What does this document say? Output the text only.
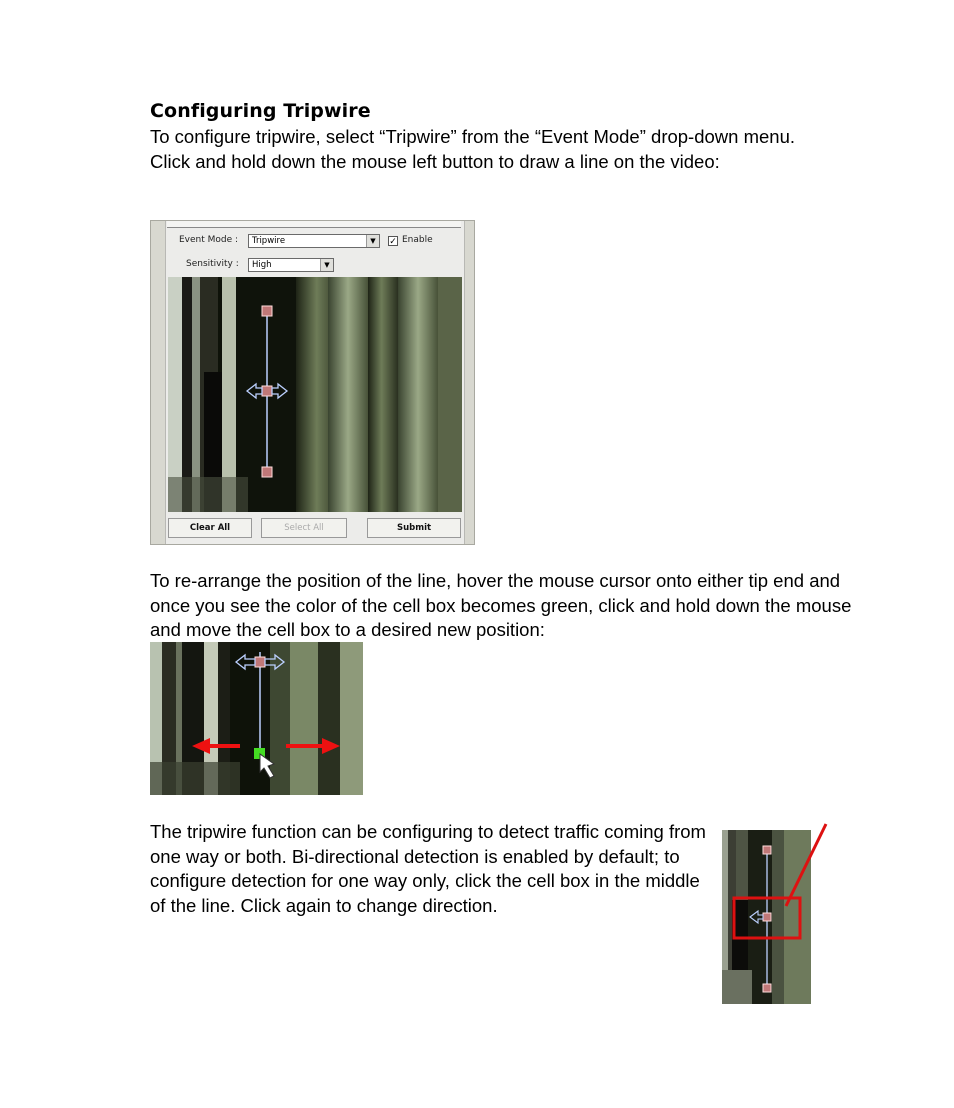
Configuring Tripwire
To configure tripwire, select “Tripwire” from the “Event Mode” drop-down menu. Click and hold down the mouse left button to draw a line on the video:
Event Mode :	Tripwire	▼	✓ Enable
Sensitivity :	High	▼
Clear All	Select All	Submit
To re-arrange the position of the line, hover the mouse cursor onto either tip end and once you see the color of the cell box becomes green, click and hold down the mouse and move the cell box to a desired new position:
The tripwire function can be configuring to detect traffic coming from one way or both. Bi-directional detection is enabled by default; to configure detection for one way only, click the cell box in the middle of the line. Click again to change direction.
